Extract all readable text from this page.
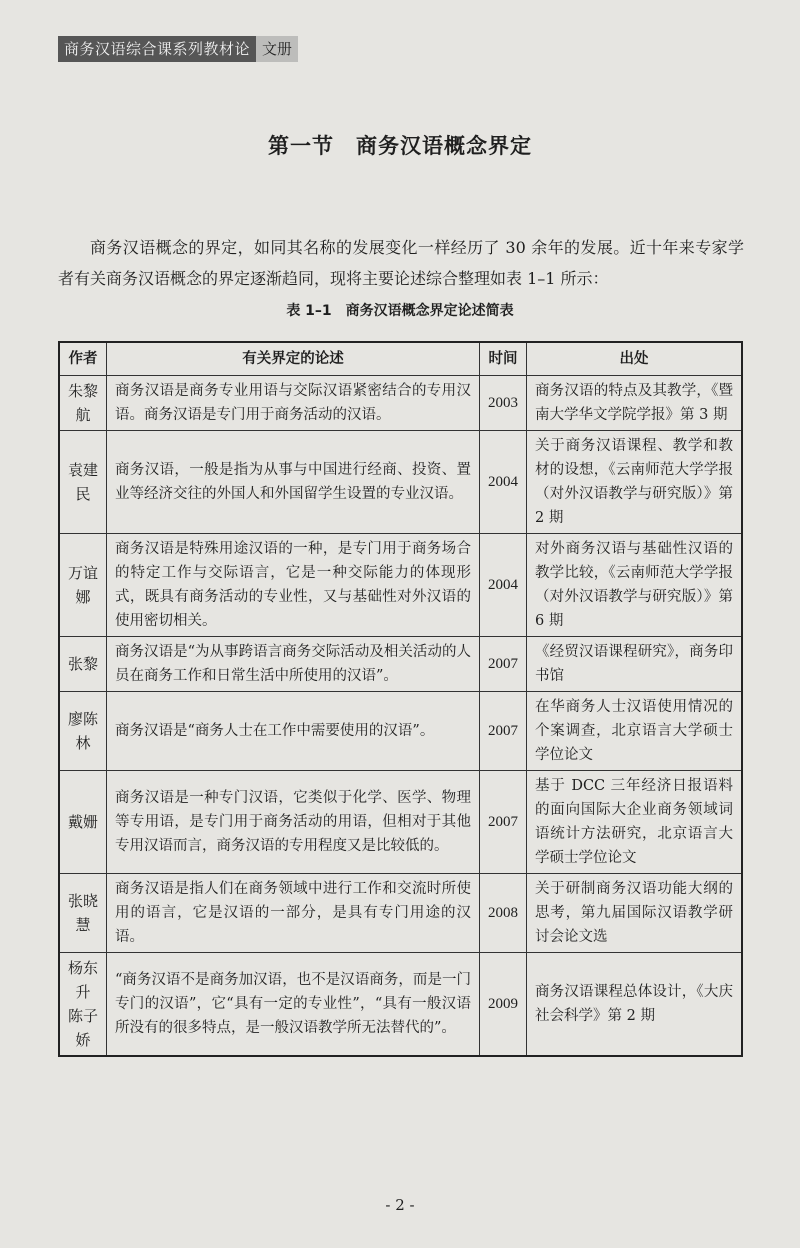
商务汉语综合课系列教材论 文册
第一节 商务汉语概念界定

商务汉语概念的界定，如同其名称的发展变化一样经历了 30 余年的发展。近十年来专家学者有关商务汉语概念的界定逐渐趋同，现将主要论述综合整理如表 1–1 所示：

表 1–1 商务汉语概念界定论述简表
作者	有关界定的论述	时间	出处

朱黎航	商务汉语是商务专业用语与交际汉语紧密结合的专用汉语。商务汉语是专门用于商务活动的汉语。	2003	商务汉语的特点及其教学，《暨南大学华文学院学报》第 3 期

袁建民	商务汉语，一般是指为从事与中国进行经商、投资、置业等经济交往的外国人和外国留学生设置的专业汉语。	2004	关于商务汉语课程、教学和教材的设想，《云南师范大学学报（对外汉语教学与研究版）》第 2 期

万谊娜	商务汉语是特殊用途汉语的一种，是专门用于商务场合的特定工作与交际语言，它是一种交际能力的体现形式，既具有商务活动的专业性，又与基础性对外汉语的使用密切相关。	2004	对外商务汉语与基础性汉语的教学比较，《云南师范大学学报（对外汉语教学与研究版）》第 6 期

张黎	商务汉语是“为从事跨语言商务交际活动及相关活动的人员在商务工作和日常生活中所使用的汉语”。	2007	《经贸汉语课程研究》，商务印书馆

廖陈林	商务汉语是“商务人士在工作中需要使用的汉语”。	2007	在华商务人士汉语使用情况的个案调查，北京语言大学硕士学位论文

戴姗	商务汉语是一种专门汉语，它类似于化学、医学、物理等专用语，是专门用于商务活动的用语，但相对于其他专用汉语而言，商务汉语的专用程度又是比较低的。	2007	基于 DCC 三年经济日报语料的面向国际大企业商务领域词语统计方法研究，北京语言大学硕士学位论文

张晓慧	商务汉语是指人们在商务领域中进行工作和交流时所使用的语言，它是汉语的一部分，是具有专门用途的汉语。	2008	关于研制商务汉语功能大纲的思考，第九届国际汉语教学研讨会论文选

杨东升
陈子娇	“商务汉语不是商务加汉语，也不是汉语商务，而是一门专门的汉语”，它“具有一定的专业性”，“具有一般汉语所没有的很多特点，是一般汉语教学所无法替代的”。	2009	商务汉语课程总体设计，《大庆社会科学》第 2 期
- 2 -
